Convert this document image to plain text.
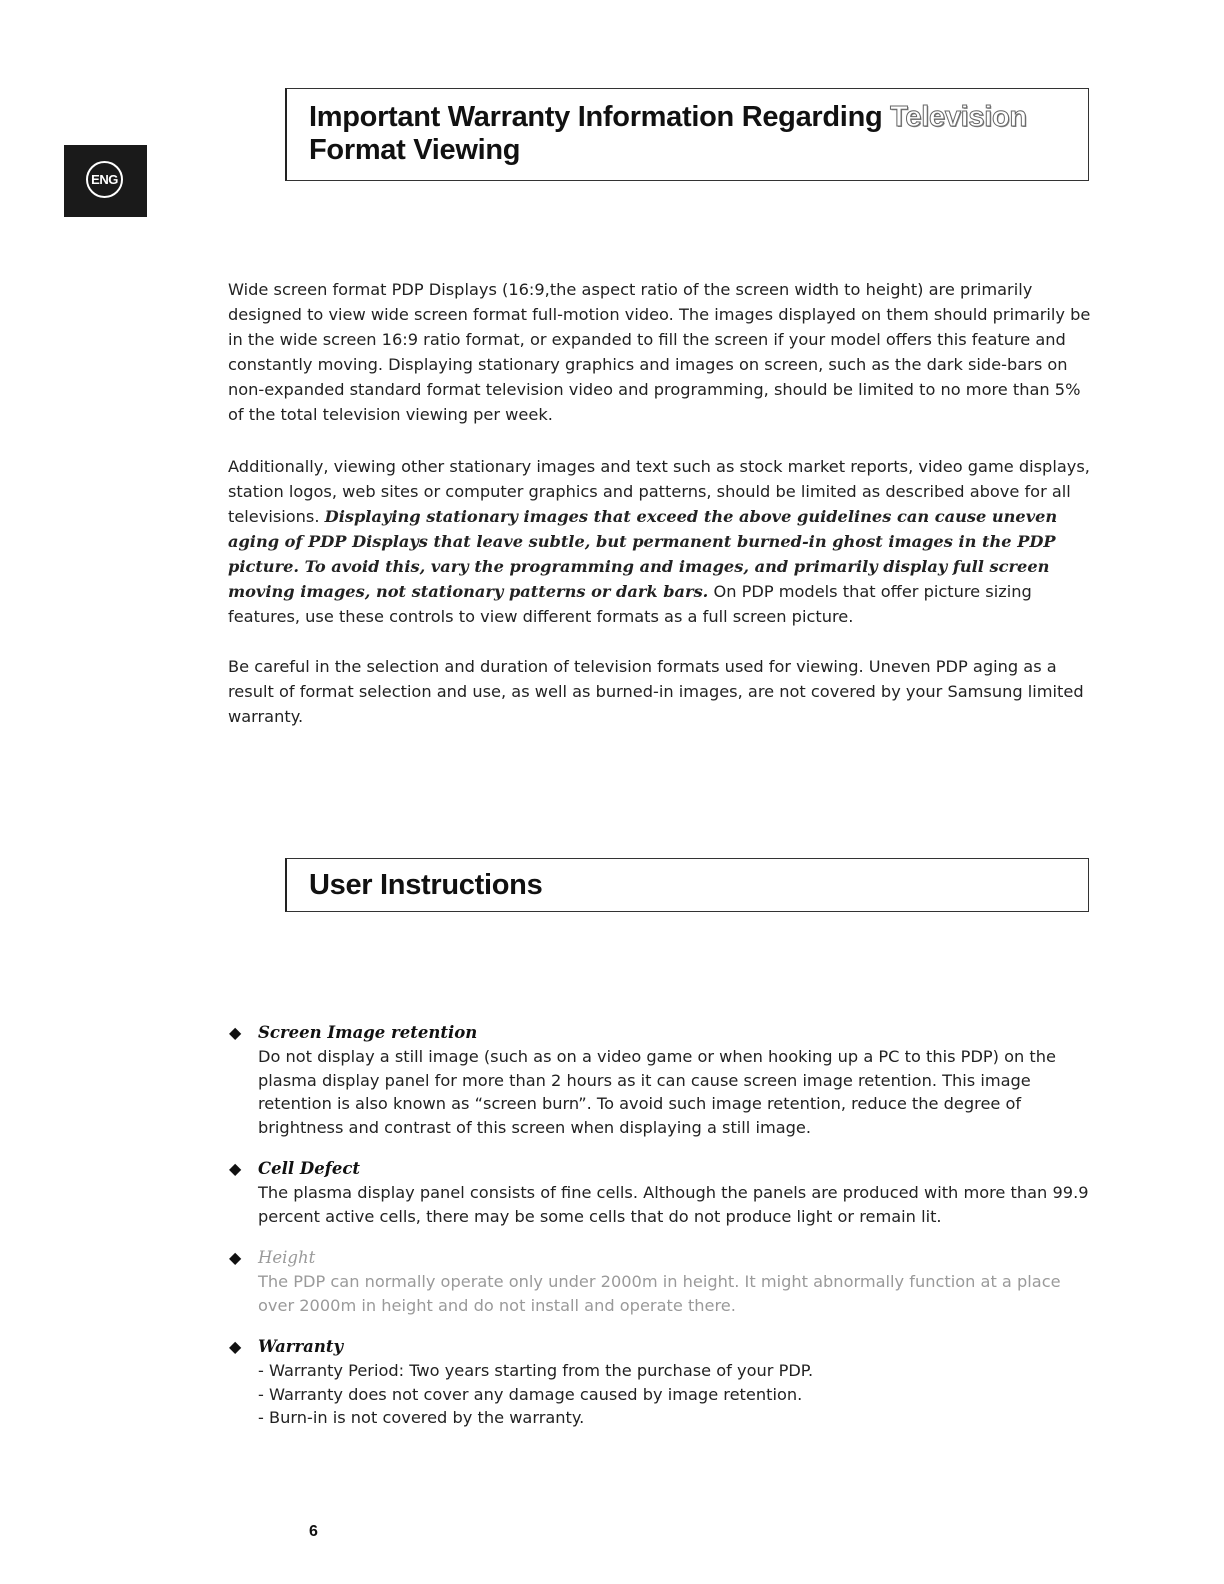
ENG
Important Warranty Information Regarding Television
Format Viewing

Wide screen format PDP Displays (16:9,the aspect ratio of the screen width to height) are primarily designed to view wide screen format full-motion video. The images displayed on them should primarily be in the wide screen 16:9 ratio format, or expanded to fill the screen if your model offers this feature and constantly moving. Displaying stationary graphics and images on screen, such as the dark side-bars on non-expanded standard format television video and programming, should be limited to no more than 5% of the total television viewing per week.

Additionally, viewing other stationary images and text such as stock market reports, video game displays, station logos, web sites or computer graphics and patterns, should be limited as described above for all televisions. Displaying stationary images that exceed the above guidelines can cause uneven aging of PDP Displays that leave subtle, but permanent burned-in ghost images in the PDP picture. To avoid this, vary the programming and images, and primarily display full screen moving images, not stationary patterns or dark bars. On PDP models that offer picture sizing features, use these controls to view different formats as a full screen picture.

Be careful in the selection and duration of television formats used for viewing. Uneven PDP aging as a result of format selection and use, as well as burned-in images, are not covered by your Samsung limited warranty.

User Instructions
◆ Screen Image retention
Do not display a still image (such as on a video game or when hooking up a PC to this PDP) on the plasma display panel for more than 2 hours as it can cause screen image retention. This image retention is also known as “screen burn”. To avoid such image retention, reduce the degree of brightness and contrast of this screen when displaying a still image.
◆ Cell Defect
The plasma display panel consists of fine cells. Although the panels are produced with more than 99.9 percent active cells, there may be some cells that do not produce light or remain lit.
◆ Height
The PDP can normally operate only under 2000m in height. It might abnormally function at a place over 2000m in height and do not install and operate there.
◆ Warranty
- Warranty Period: Two years starting from the purchase of your PDP.
- Warranty does not cover any damage caused by image retention.
- Burn-in is not covered by the warranty.
6
